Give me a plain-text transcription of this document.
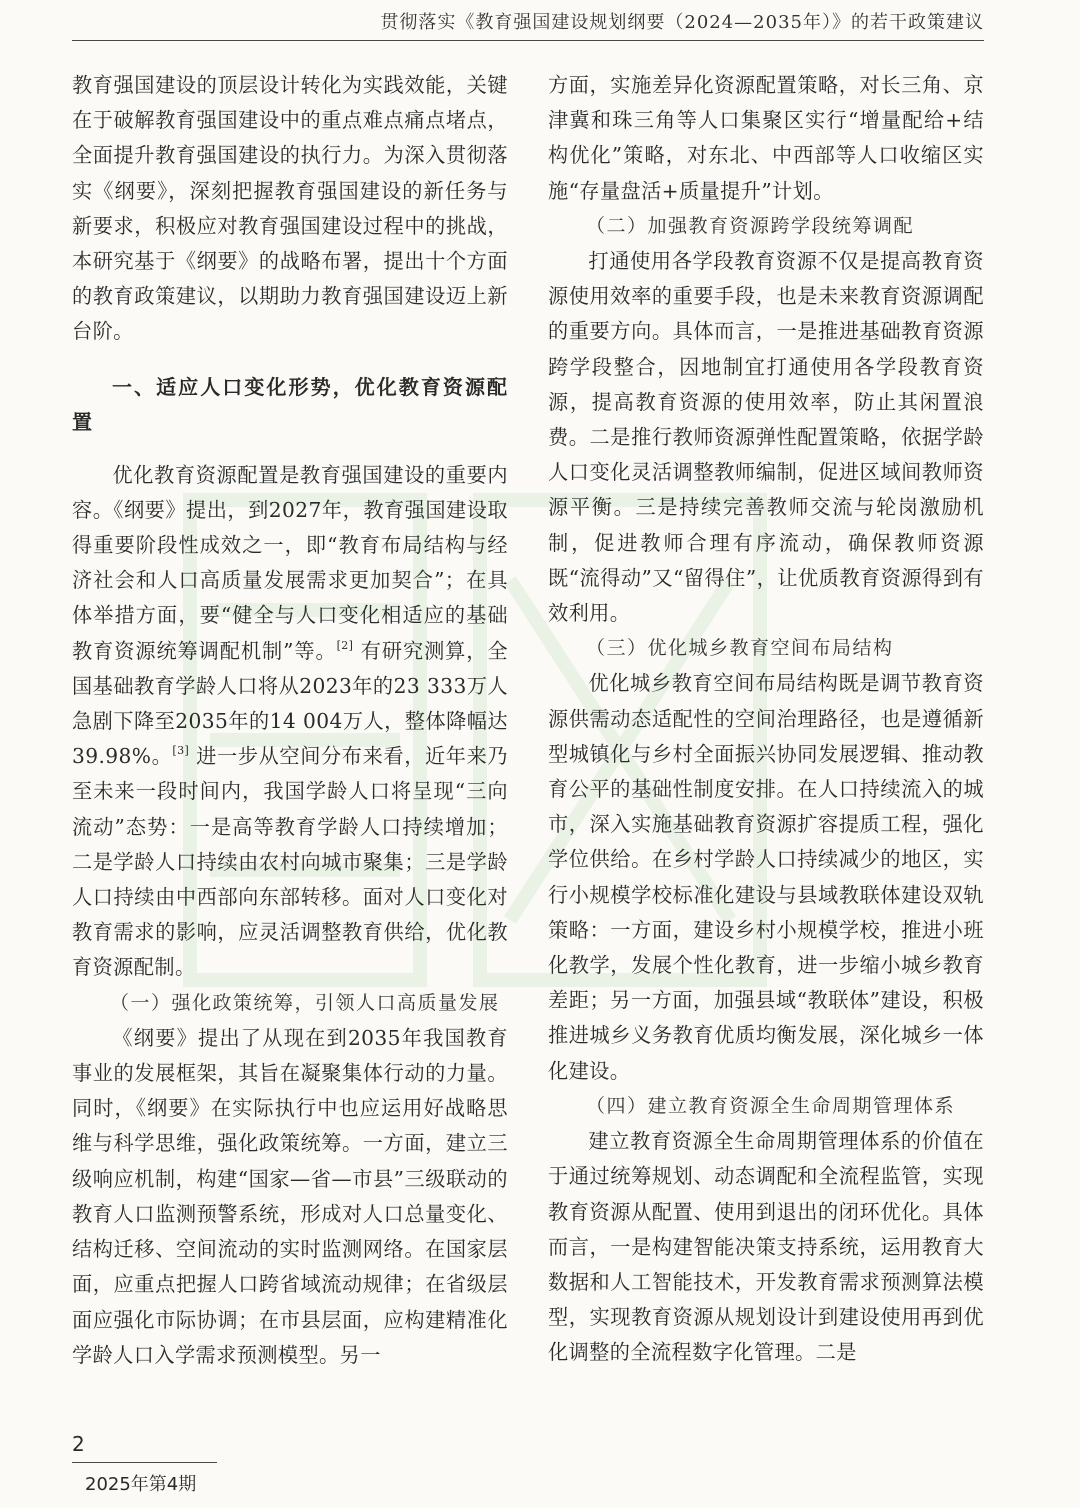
贯彻落实《教育强国建设规划纲要（2024—2035年）》的若干政策建议

教育强国建设的顶层设计转化为实践效能，关键在于破解教育强国建设中的重点难点痛点堵点，全面提升教育强国建设的执行力。为深入贯彻落实《纲要》，深刻把握教育强国建设的新任务与新要求，积极应对教育强国建设过程中的挑战，本研究基于《纲要》的战略布署，提出十个方面的教育政策建议，以期助力教育强国建设迈上新台阶。

一、适应人口变化形势，优化教育资源配置

优化教育资源配置是教育强国建设的重要内容。《纲要》提出，到2027年，教育强国建设取得重要阶段性成效之一，即“教育布局结构与经济社会和人口高质量发展需求更加契合”；在具体举措方面，要“健全与人口变化相适应的基础教育资源统筹调配机制”等。[2] 有研究测算，全国基础教育学龄人口将从2023年的23 333万人急剧下降至2035年的14 004万人，整体降幅达39.98%。[3] 进一步从空间分布来看，近年来乃至未来一段时间内，我国学龄人口将呈现“三向流动”态势：一是高等教育学龄人口持续增加；二是学龄人口持续由农村向城市聚集；三是学龄人口持续由中西部向东部转移。面对人口变化对教育需求的影响，应灵活调整教育供给，优化教育资源配制。

（一）强化政策统筹，引领人口高质量发展

《纲要》提出了从现在到2035年我国教育事业的发展框架，其旨在凝聚集体行动的力量。同时，《纲要》在实际执行中也应运用好战略思维与科学思维，强化政策统筹。一方面，建立三级响应机制，构建“国家—省—市县”三级联动的教育人口监测预警系统，形成对人口总量变化、结构迁移、空间流动的实时监测网络。在国家层面，应重点把握人口跨省域流动规律；在省级层面应强化市际协调；在市县层面，应构建精准化学龄人口入学需求预测模型。另一

方面，实施差异化资源配置策略，对长三角、京津冀和珠三角等人口集聚区实行“增量配给+结构优化”策略，对东北、中西部等人口收缩区实施“存量盘活+质量提升”计划。

（二）加强教育资源跨学段统筹调配

打通使用各学段教育资源不仅是提高教育资源使用效率的重要手段，也是未来教育资源调配的重要方向。具体而言，一是推进基础教育资源跨学段整合，因地制宜打通使用各学段教育资源，提高教育资源的使用效率，防止其闲置浪费。二是推行教师资源弹性配置策略，依据学龄人口变化灵活调整教师编制，促进区域间教师资源平衡。三是持续完善教师交流与轮岗激励机制，促进教师合理有序流动，确保教师资源既“流得动”又“留得住”，让优质教育资源得到有效利用。

（三）优化城乡教育空间布局结构

优化城乡教育空间布局结构既是调节教育资源供需动态适配性的空间治理路径，也是遵循新型城镇化与乡村全面振兴协同发展逻辑、推动教育公平的基础性制度安排。在人口持续流入的城市，深入实施基础教育资源扩容提质工程，强化学位供给。在乡村学龄人口持续减少的地区，实行小规模学校标准化建设与县域教联体建设双轨策略：一方面，建设乡村小规模学校，推进小班化教学，发展个性化教育，进一步缩小城乡教育差距；另一方面，加强县域“教联体”建设，积极推进城乡义务教育优质均衡发展，深化城乡一体化建设。

（四）建立教育资源全生命周期管理体系

建立教育资源全生命周期管理体系的价值在于通过统筹规划、动态调配和全流程监管，实现教育资源从配置、使用到退出的闭环优化。具体而言，一是构建智能决策支持系统，运用教育大数据和人工智能技术，开发教育需求预测算法模型，实现教育资源从规划设计到建设使用再到优化调整的全流程数字化管理。二是

2
2025年第4期
